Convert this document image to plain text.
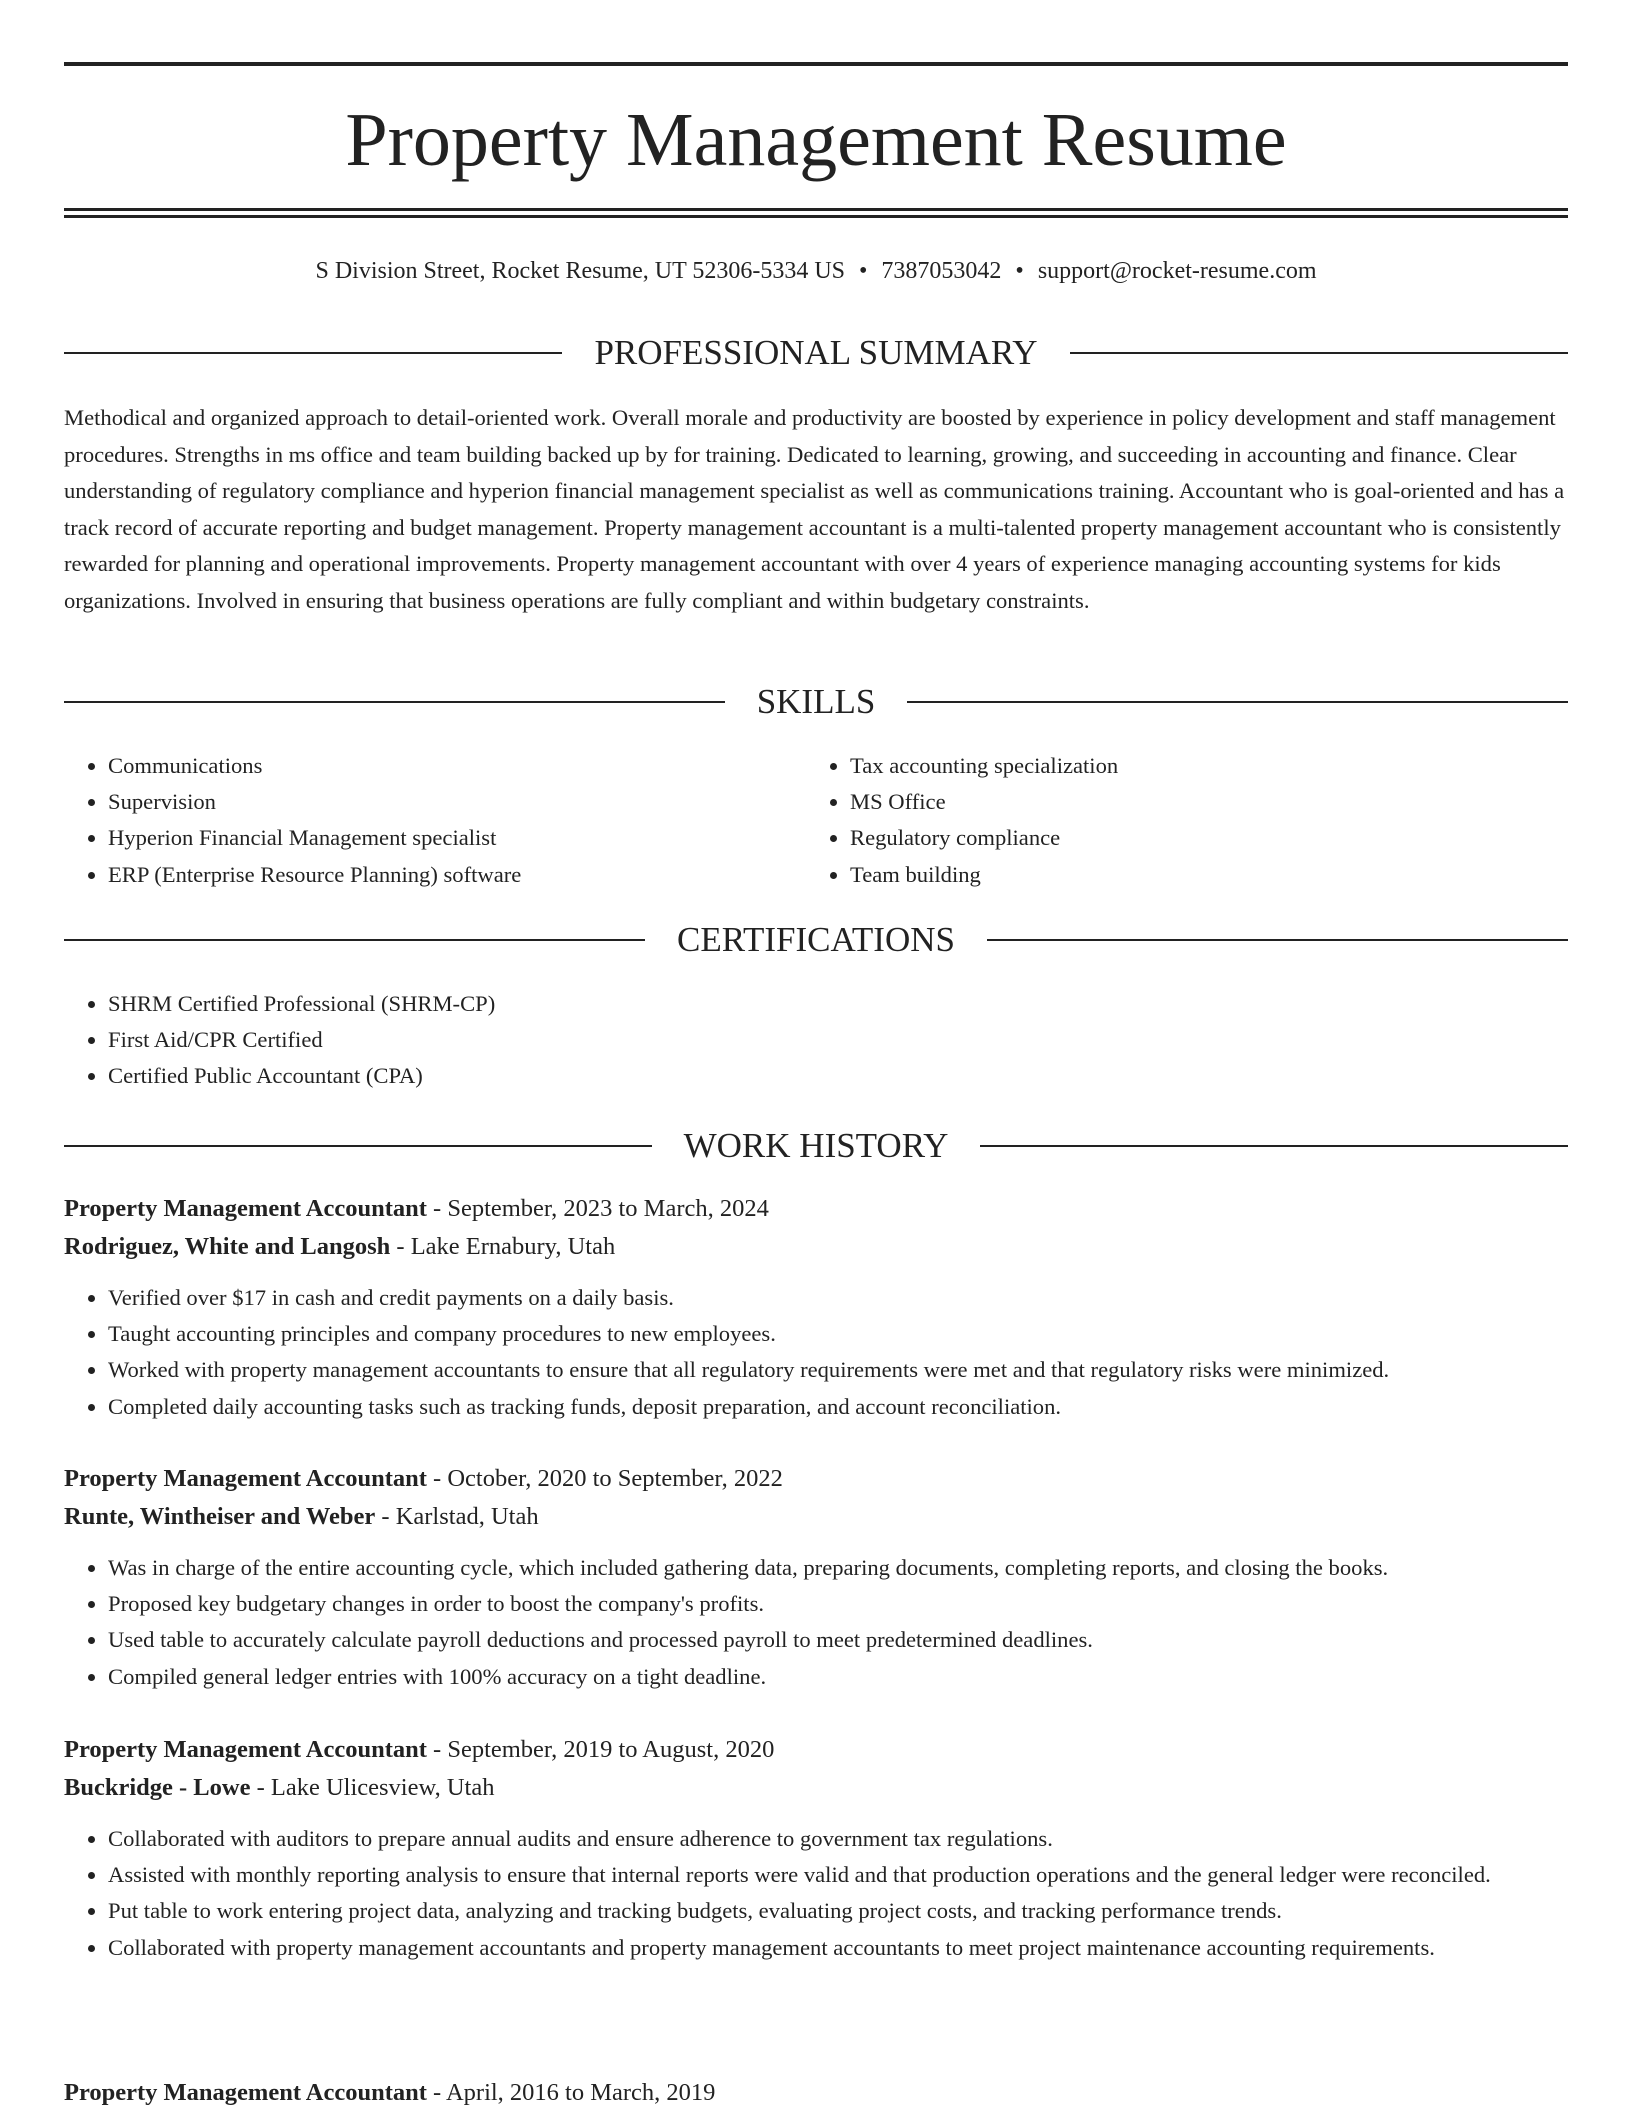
Property Management Resume
S Division Street, Rocket Resume, UT 52306-5334 US • 7387053042 • support@rocket-resume.com
PROFESSIONAL SUMMARY

Methodical and organized approach to detail-oriented work. Overall morale and productivity are boosted by experience in policy development and staff management procedures. Strengths in ms office and team building backed up by for training. Dedicated to learning, growing, and succeeding in accounting and finance. Clear understanding of regulatory compliance and hyperion financial management specialist as well as communications training. Accountant who is goal-oriented and has a track record of accurate reporting and budget management. Property management accountant is a multi-talented property management accountant who is consistently rewarded for planning and operational improvements. Property management accountant with over 4 years of experience managing accounting systems for kids organizations. Involved in ensuring that business operations are fully compliant and within budgetary constraints.

SKILLS
• Communications
• Supervision
• Hyperion Financial Management specialist
• ERP (Enterprise Resource Planning) software
• Tax accounting specialization
• MS Office
• Regulatory compliance
• Team building
CERTIFICATIONS
• SHRM Certified Professional (SHRM-CP)
• First Aid/CPR Certified
• Certified Public Accountant (CPA)
WORK HISTORY

Property Management Accountant - September, 2023 to March, 2024

Rodriguez, White and Langosh - Lake Ernabury, Utah

• Verified over $17 in cash and credit payments on a daily basis.
• Taught accounting principles and company procedures to new employees.
• Worked with property management accountants to ensure that all regulatory requirements were met and that regulatory risks were minimized.
• Completed daily accounting tasks such as tracking funds, deposit preparation, and account reconciliation.

Property Management Accountant - October, 2020 to September, 2022

Runte, Wintheiser and Weber - Karlstad, Utah

• Was in charge of the entire accounting cycle, which included gathering data, preparing documents, completing reports, and closing the books.
• Proposed key budgetary changes in order to boost the company's profits.
• Used table to accurately calculate payroll deductions and processed payroll to meet predetermined deadlines.
• Compiled general ledger entries with 100% accuracy on a tight deadline.

Property Management Accountant - September, 2019 to August, 2020

Buckridge - Lowe - Lake Ulicesview, Utah

• Collaborated with auditors to prepare annual audits and ensure adherence to government tax regulations.
• Assisted with monthly reporting analysis to ensure that internal reports were valid and that production operations and the general ledger were reconciled.
• Put table to work entering project data, analyzing and tracking budgets, evaluating project costs, and tracking performance trends.
• Collaborated with property management accountants and property management accountants to meet project maintenance accounting requirements.

Property Management Accountant - April, 2016 to March, 2019
